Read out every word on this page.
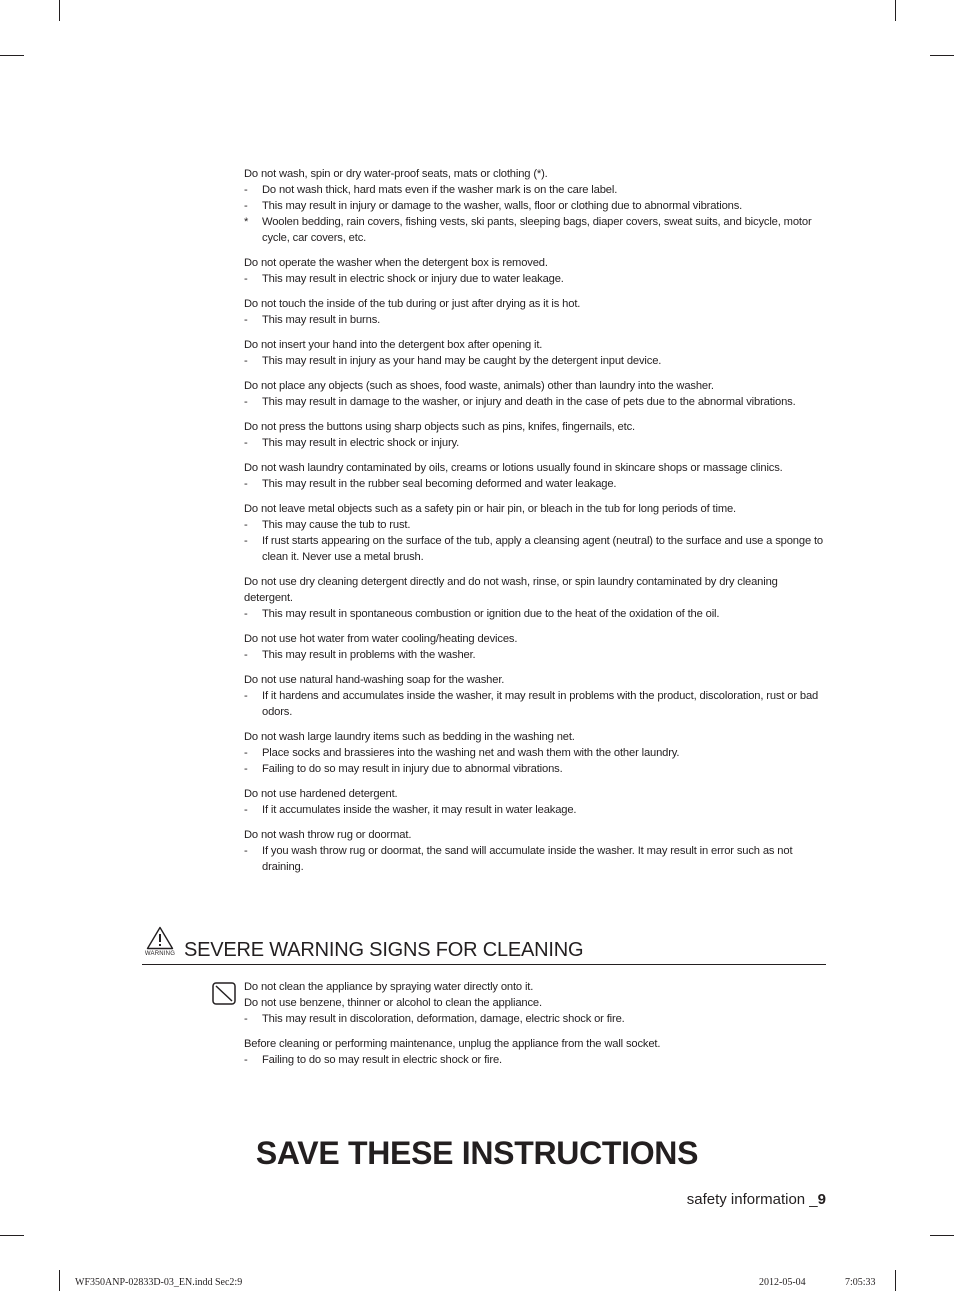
Do not wash, spin or dry water-proof seats, mats or clothing (*).

- Do not wash thick, hard mats even if the washer mark is on the care label.
- This may result in injury or damage to the washer, walls, floor or clothing due to abnormal vibrations.
* Woolen bedding, rain covers, fishing vests, ski pants, sleeping bags, diaper covers, sweat suits, and bicycle, motor cycle, car covers, etc.

Do not operate the washer when the detergent box is removed.

- This may result in electric shock or injury due to water leakage.

Do not touch the inside of the tub during or just after drying as it is hot.

- This may result in burns.

Do not insert your hand into the detergent box after opening it.

- This may result in injury as your hand may be caught by the detergent input device.

Do not place any objects (such as shoes, food waste, animals) other than laundry into the washer.

- This may result in damage to the washer, or injury and death in the case of pets due to the abnormal vibrations.

Do not press the buttons using sharp objects such as pins, knifes, fingernails, etc.

- This may result in electric shock or injury.

Do not wash laundry contaminated by oils, creams or lotions usually found in skincare shops or massage clinics.

- This may result in the rubber seal becoming deformed and water leakage.

Do not leave metal objects such as a safety pin or hair pin, or bleach in the tub for long periods of time.

- This may cause the tub to rust.
- If rust starts appearing on the surface of the tub, apply a cleansing agent (neutral) to the surface and use a sponge to clean it. Never use a metal brush.

Do not use dry cleaning detergent directly and do not wash, rinse, or spin laundry contaminated by dry cleaning detergent.

- This may result in spontaneous combustion or ignition due to the heat of the oxidation of the oil.

Do not use hot water from water cooling/heating devices.

- This may result in problems with the washer.

Do not use natural hand-washing soap for the washer.

- If it hardens and accumulates inside the washer, it may result in problems with the product, discoloration, rust or bad odors.

Do not wash large laundry items such as bedding in the washing net.

- Place socks and brassieres into the washing net and wash them with the other laundry.
- Failing to do so may result in injury due to abnormal vibrations.

Do not use hardened detergent.

- If it accumulates inside the washer, it may result in water leakage.

Do not wash throw rug or doormat.

- If you wash throw rug or doormat, the sand will accumulate inside the washer. It may result in error such as not draining.
WARNING SEVERE WARNING SIGNS FOR CLEANING

Do not clean the appliance by spraying water directly onto it.

Do not use benzene, thinner or alcohol to clean the appliance.

- This may result in discoloration, deformation, damage, electric shock or fire.

Before cleaning or performing maintenance, unplug the appliance from the wall socket.

- Failing to do so may result in electric shock or fire.
SAVE THESE INSTRUCTIONS
safety information _9
WF350ANP-02833D-03_EN.indd Sec2:9	2012-05-04	7:05:33
